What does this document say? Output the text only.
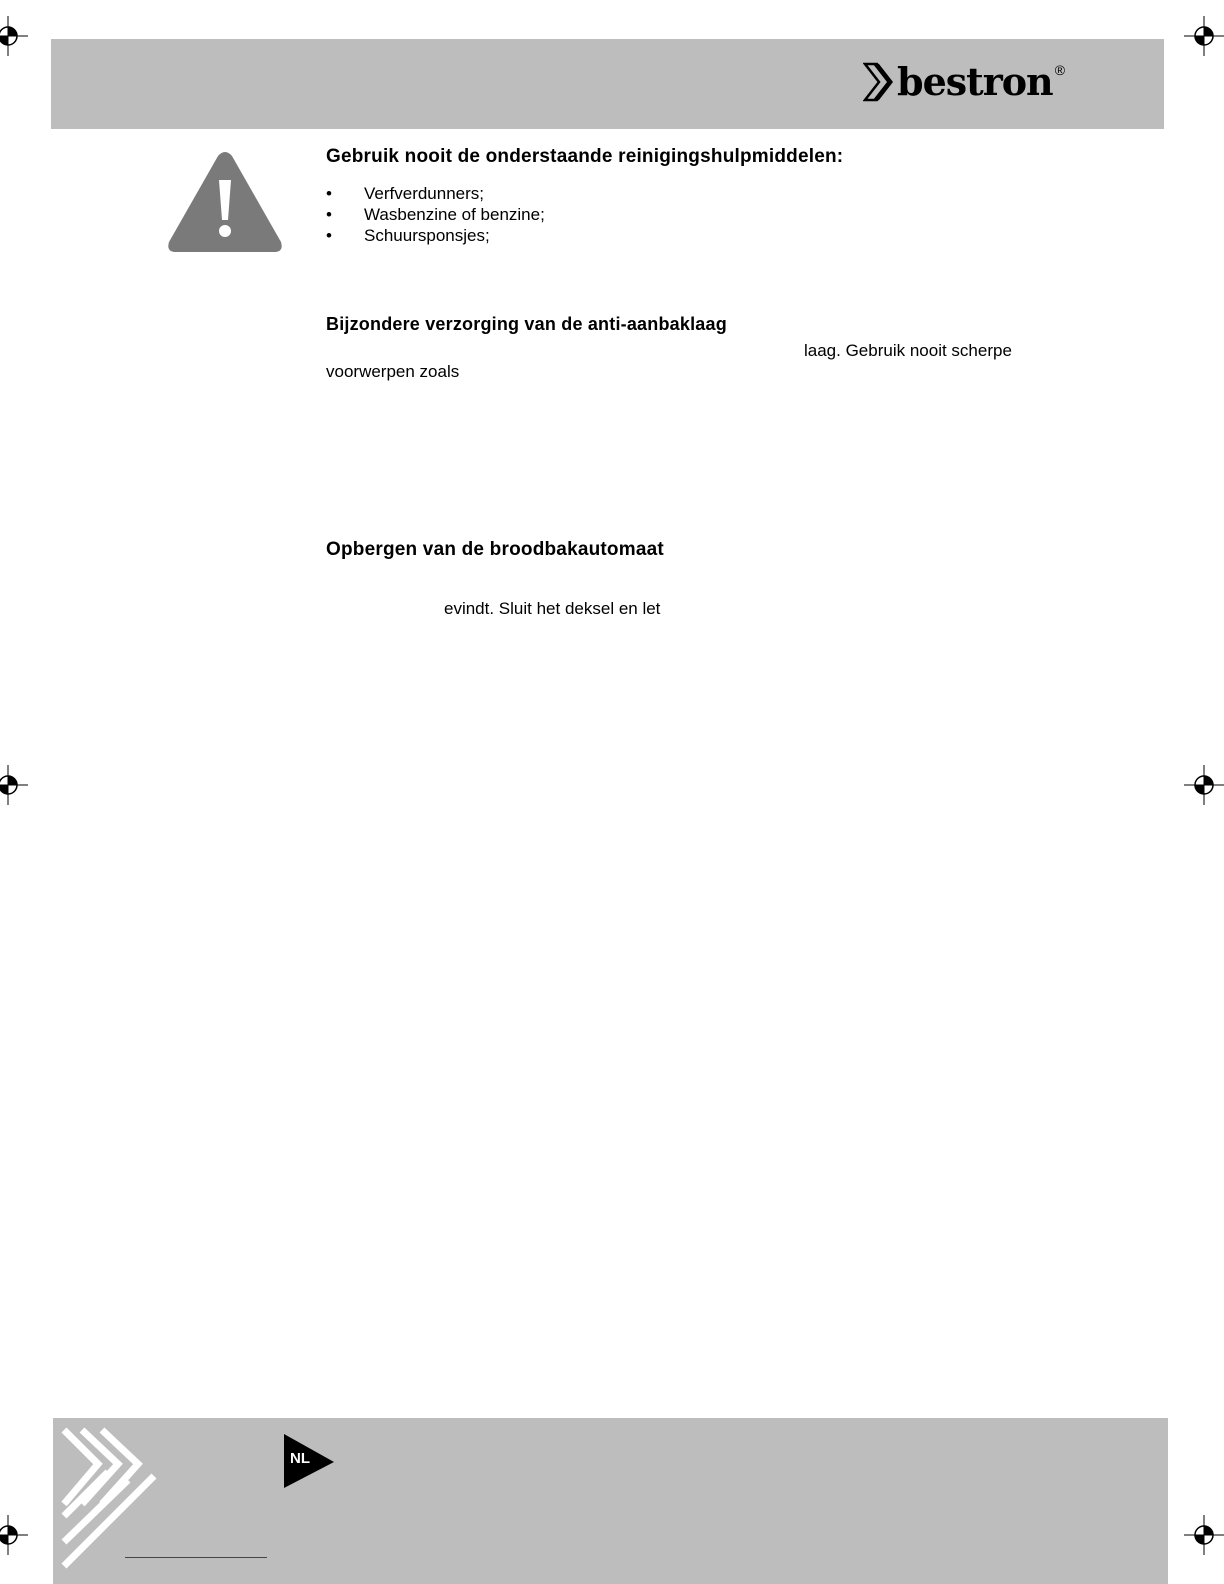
bestron ®
Gebruik nooit de onderstaande reinigingshulpmiddelen:
• Verfverdunners;
• Wasbenzine of benzine;
• Schuursponsjes;
Bijzondere verzorging van de anti-aanbaklaag
laag. Gebruik nooit scherpe
voorwerpen zoals
Opbergen van de broodbakautomaat
evindt. Sluit het deksel en let
NL
